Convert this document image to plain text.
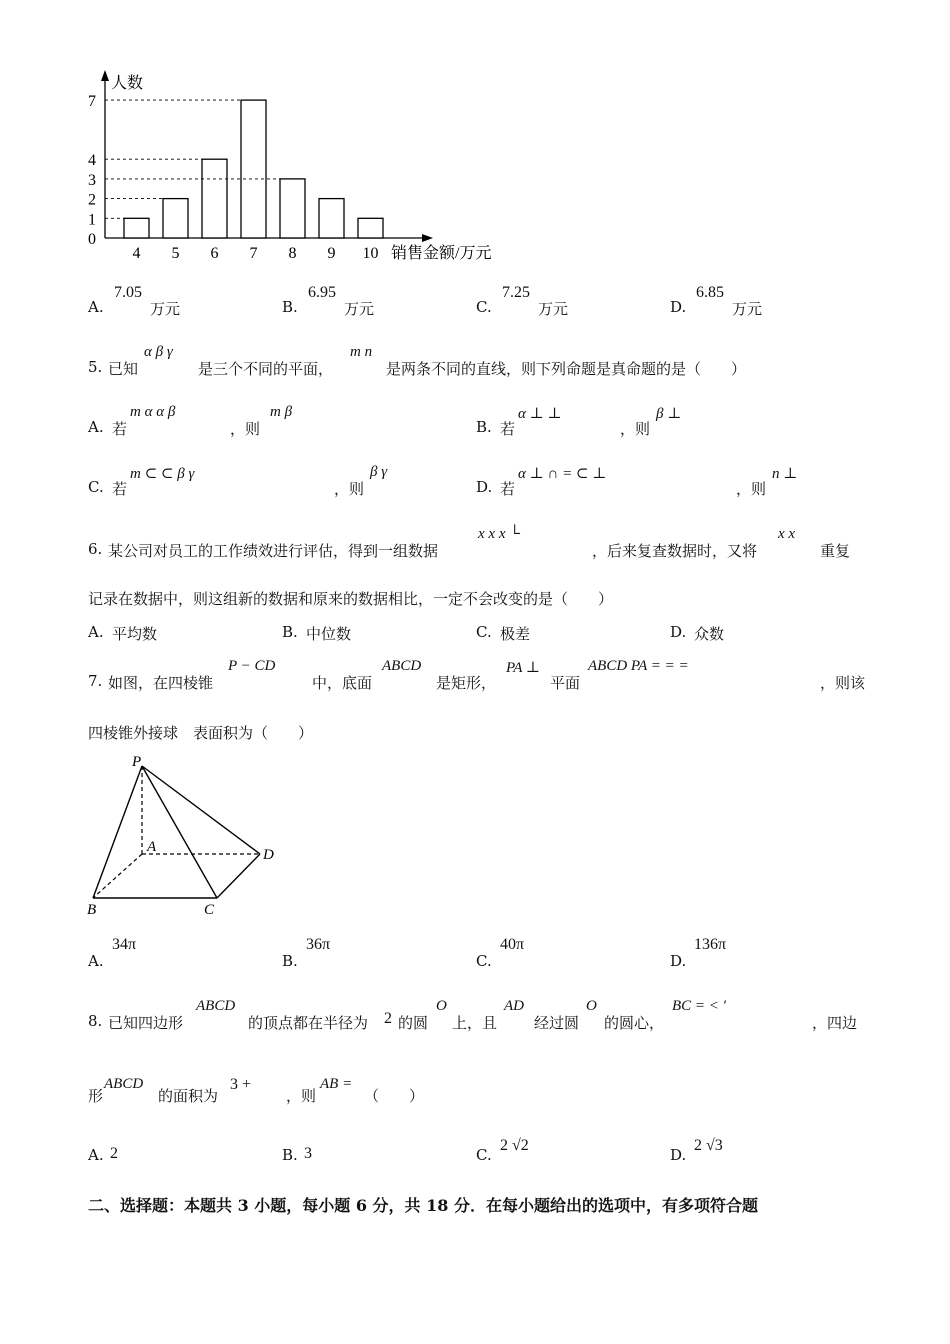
人数
销售金额/万元
4 5 6 7 8 9 10
0
1
2
3
4
7
A.
7.05
万元	B.
6.95
万元	C.
7.25
万元	D.
6.85
万元
5. 已知
α β γ
是三个不同的平面，
m n
是两条不同的直线，则下列命题是真命题的是（　　）
A. 若
m α α β
，则
m β
B. 若
α ⊥ ⊥
，则
β ⊥
C. 若
m ⊂ ⊂ β γ
，则
β γ
D. 若
α ⊥ ∩ = ⊂ ⊥
，则
n ⊥
6. 某公司对员工的工作绩效进行评估，得到一组数据
x x x └
，后来复查数据时，又将
x x
重复
记录在数据中，则这组新的数据和原来的数据相比，一定不会改变的是（　　）
A. 平均数	B. 中位数	C. 极差	D. 众数
7. 如图，在四棱锥
P − CD
中，底面
ABCD
是矩形，
PA ⊥
平面
ABCD PA = = =
，则该
四棱锥外接球　表面积为（　　）
P
A
B	C
D
A.
34π
B.
36π
C.
40π
D.
136π
8. 已知四边形
ABCD
的顶点都在半径为 2 的圆
O
上，且
AD
经过圆
O
的圆心，
BC = < '
，四边
形
ABCD
的面积为
3 +
，则
AB =
（　　）
A. 2	B. 3	C.
2 √2
D.
2 √3
二、选择题：本题共 3 小题，每小题 6 分，共 18 分．在每小题给出的选项中，有多项符合题
